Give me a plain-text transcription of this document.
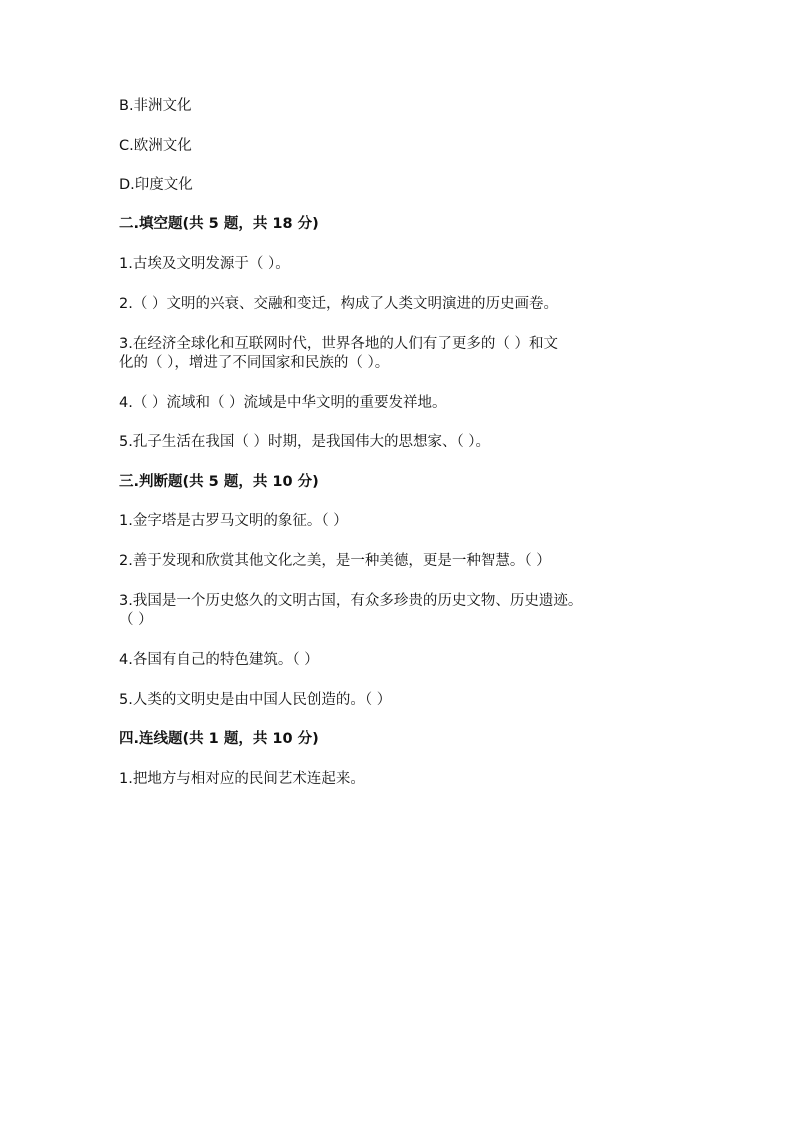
B.非洲文化
C.欧洲文化
D.印度文化
二.填空题(共 5 题，共 18 分)
1.古埃及文明发源于（ ）。
2.（ ）文明的兴衰、交融和变迁，构成了人类文明演进的历史画卷。
3.在经济全球化和互联网时代，世界各地的人们有了更多的（ ）和文
化的（ ），增进了不同国家和民族的（ ）。
4.（ ）流域和（ ）流域是中华文明的重要发祥地。
5.孔子生活在我国（ ）时期，是我国伟大的思想家、（ ）。
三.判断题(共 5 题，共 10 分)
1.金字塔是古罗马文明的象征。（ ）
2.善于发现和欣赏其他文化之美，是一种美德，更是一种智慧。（ ）
3.我国是一个历史悠久的文明古国，有众多珍贵的历史文物、历史遗迹。
（ ）
4.各国有自己的特色建筑。（ ）
5.人类的文明史是由中国人民创造的。（ ）
四.连线题(共 1 题，共 10 分)
1.把地方与相对应的民间艺术连起来。
